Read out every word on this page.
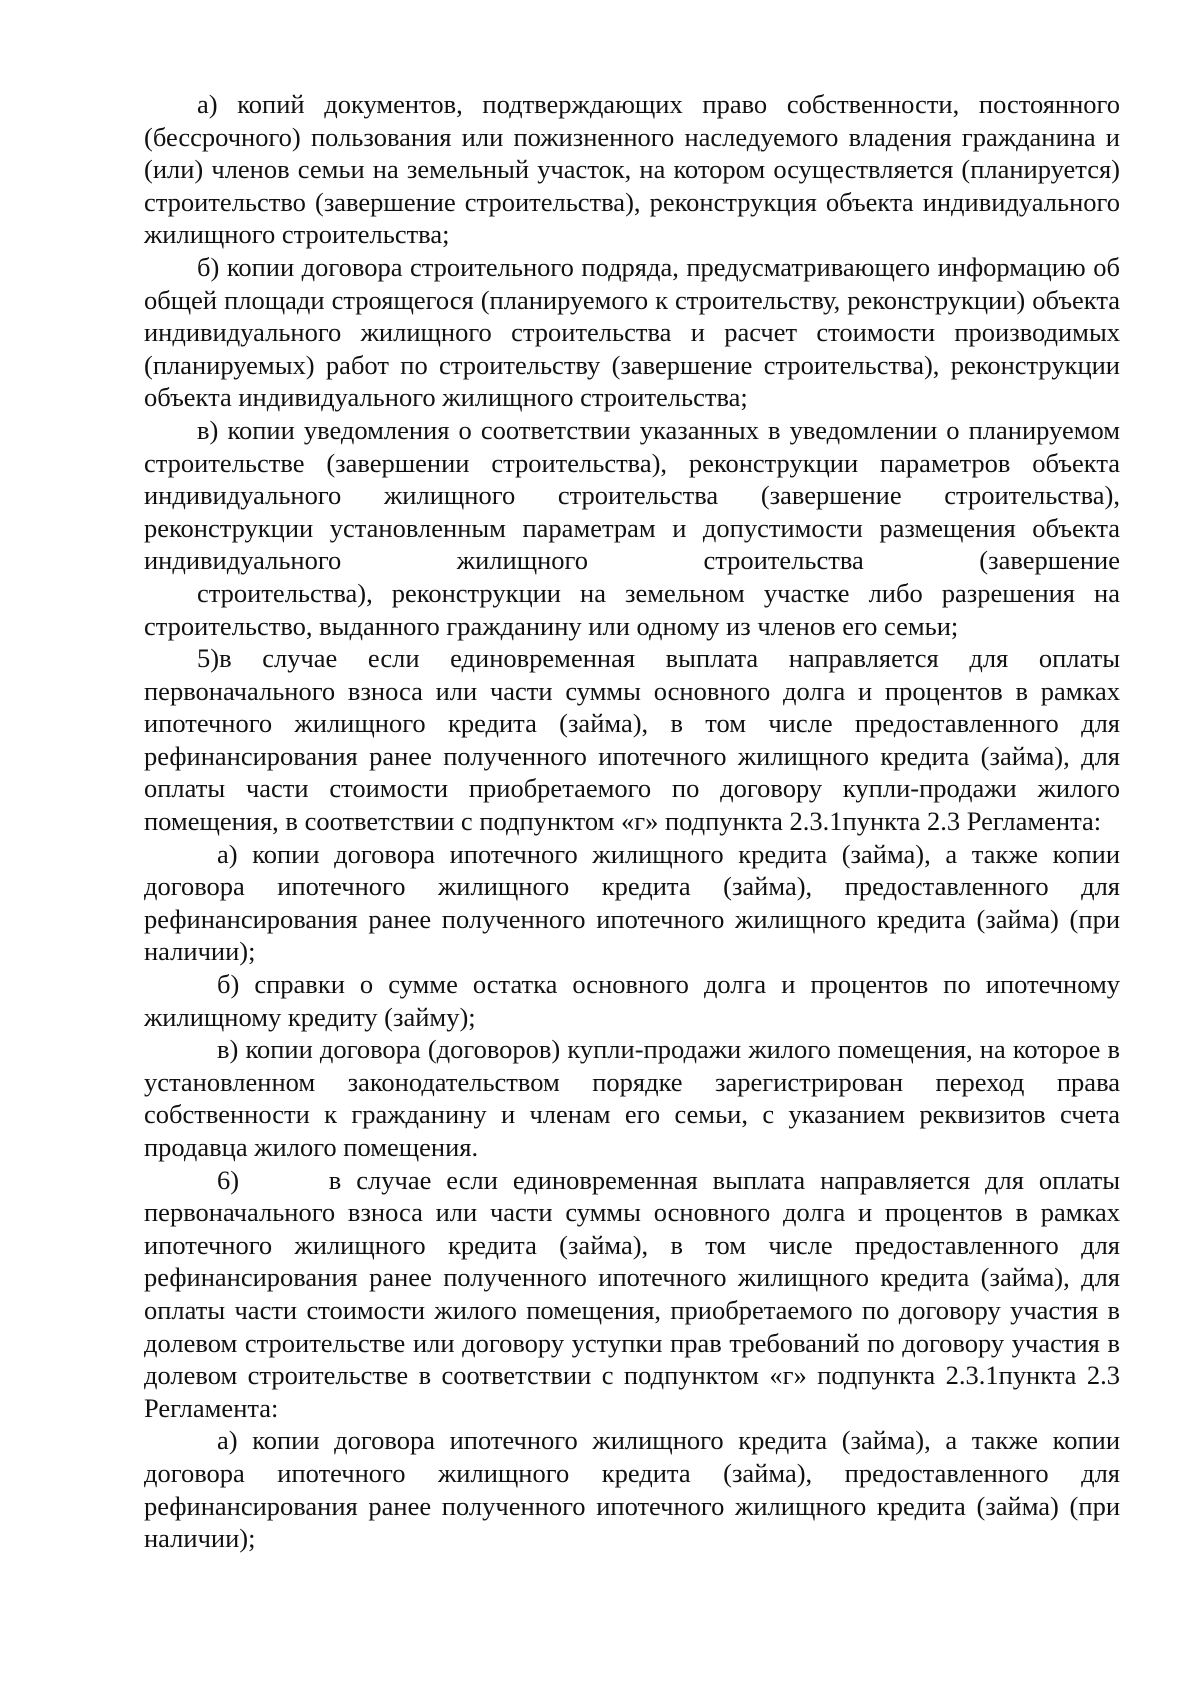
а) копий документов, подтверждающих право собственности, постоянного (бессрочного) пользования или пожизненного наследуемого владения гражданина и (или) членов семьи на земельный участок, на котором осуществляется (планируется) строительство (завершение строительства), реконструкция объекта индивидуального жилищного строительства;

б) копии договора строительного подряда, предусматривающего информацию об общей площади строящегося (планируемого к строительству, реконструкции) объекта индивидуального жилищного строительства и расчет стоимости производимых (планируемых) работ по строительству (завершение строительства), реконструкции объекта индивидуального жилищного строительства;

в) копии уведомления о соответствии указанных в уведомлении о планируемом строительстве (завершении строительства), реконструкции параметров объекта индивидуального жилищного строительства (завершение строительства), реконструкции установленным параметрам и допустимости размещения объекта индивидуального жилищного строительства (завершение

строительства), реконструкции на земельном участке либо разрешения на строительство, выданного гражданину или одному из членов его семьи;

5)в случае если единовременная выплата направляется для оплаты первоначального взноса или части суммы основного долга и процентов в рамках ипотечного жилищного кредита (займа), в том числе предоставленного для рефинансирования ранее полученного ипотечного жилищного кредита (займа), для оплаты части стоимости приобретаемого по договору купли-продажи жилого помещения, в соответствии с подпунктом «г» подпункта 2.3.1пункта 2.3 Регламента:

а) копии договора ипотечного жилищного кредита (займа), а также копии договора ипотечного жилищного кредита (займа), предоставленного для рефинансирования ранее полученного ипотечного жилищного кредита (займа) (при наличии);

б) справки о сумме остатка основного долга и процентов по ипотечному жилищному кредиту (займу);

в) копии договора (договоров) купли-продажи жилого помещения, на которое в установленном законодательством порядке зарегистрирован переход права собственности к гражданину и членам его семьи, с указанием реквизитов счета продавца жилого помещения.

6)      в случае если единовременная выплата направляется для оплаты первоначального взноса или части суммы основного долга и процентов в рамках ипотечного жилищного кредита (займа), в том числе предоставленного для рефинансирования ранее полученного ипотечного жилищного кредита (займа), для оплаты части стоимости жилого помещения, приобретаемого по договору участия в долевом строительстве или договору уступки прав требований по договору участия в долевом строительстве в соответствии с подпунктом «г» подпункта 2.3.1пункта 2.3 Регламента:

а) копии договора ипотечного жилищного кредита (займа), а также копии договора ипотечного жилищного кредита (займа), предоставленного для рефинансирования ранее полученного ипотечного жилищного кредита (займа) (при наличии);
